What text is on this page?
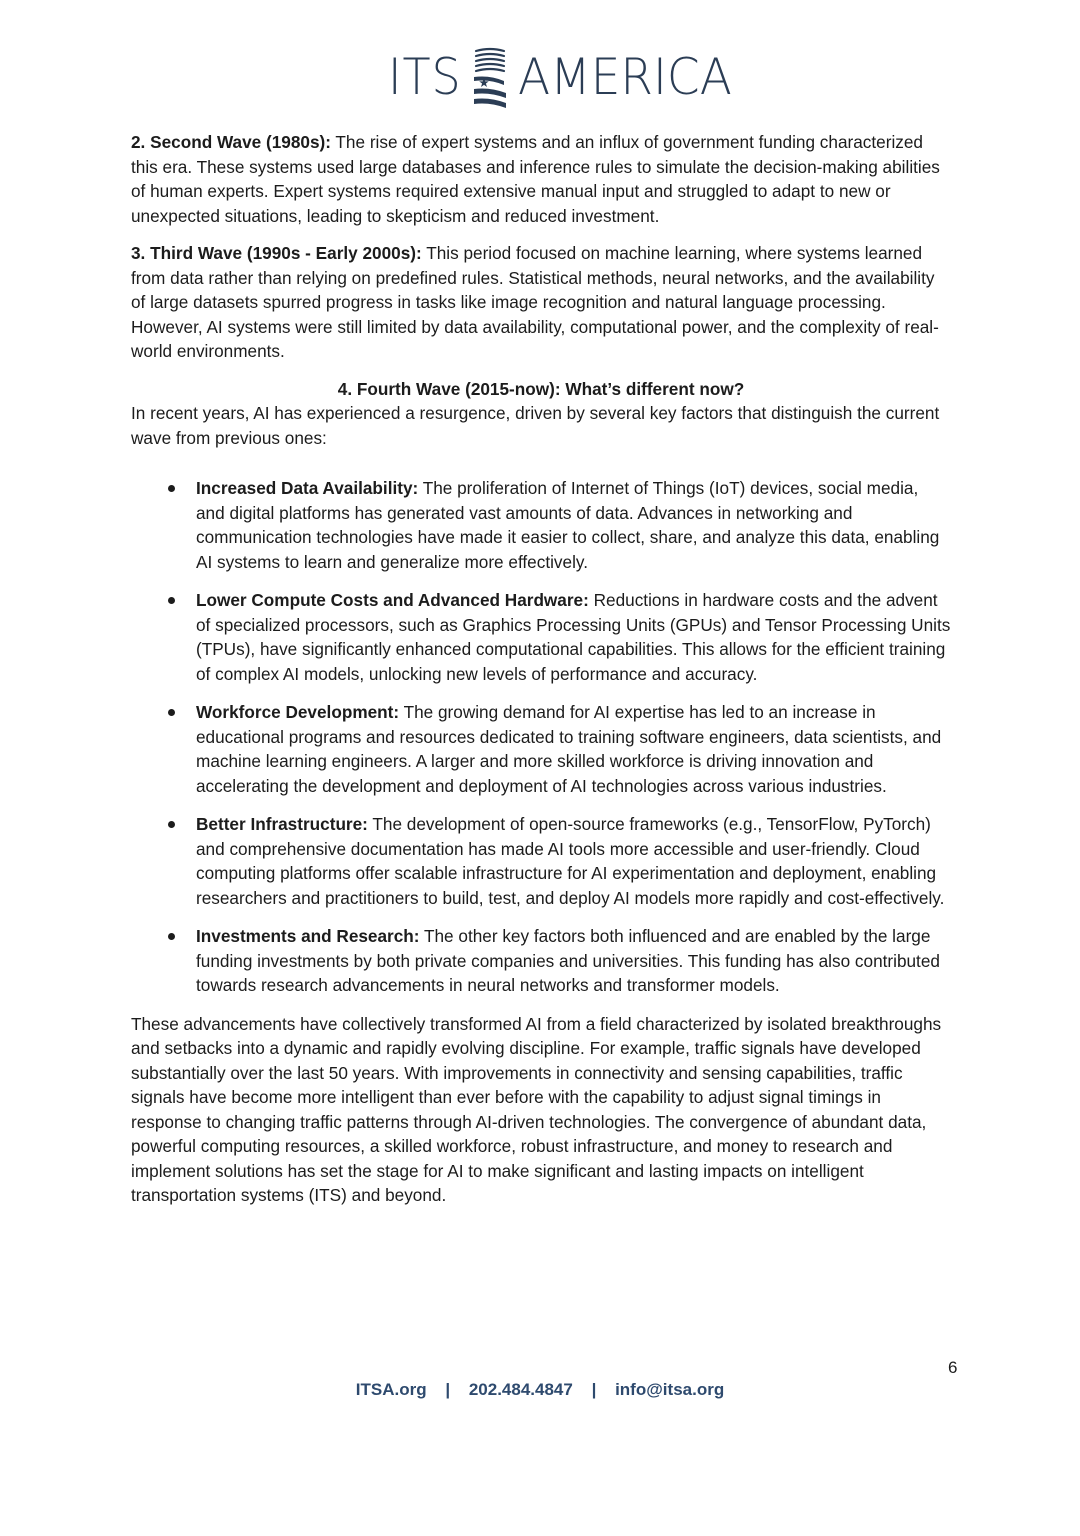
ITS AMERICA

2. Second Wave (1980s): The rise of expert systems and an influx of government funding characterized this era. These systems used large databases and inference rules to simulate the decision-making abilities of human experts. Expert systems required extensive manual input and struggled to adapt to new or unexpected situations, leading to skepticism and reduced investment.

3. Third Wave (1990s - Early 2000s): This period focused on machine learning, where systems learned from data rather than relying on predefined rules. Statistical methods, neural networks, and the availability of large datasets spurred progress in tasks like image recognition and natural language processing. However, AI systems were still limited by data availability, computational power, and the complexity of real-world environments.

4. Fourth Wave (2015-now): What’s different now?

In recent years, AI has experienced a resurgence, driven by several key factors that distinguish the current wave from previous ones:

Increased Data Availability: The proliferation of Internet of Things (IoT) devices, social media, and digital platforms has generated vast amounts of data. Advances in networking and communication technologies have made it easier to collect, share, and analyze this data, enabling AI systems to learn and generalize more effectively.
Lower Compute Costs and Advanced Hardware: Reductions in hardware costs and the advent of specialized processors, such as Graphics Processing Units (GPUs) and Tensor Processing Units (TPUs), have significantly enhanced computational capabilities. This allows for the efficient training of complex AI models, unlocking new levels of performance and accuracy.
Workforce Development: The growing demand for AI expertise has led to an increase in educational programs and resources dedicated to training software engineers, data scientists, and machine learning engineers. A larger and more skilled workforce is driving innovation and accelerating the development and deployment of AI technologies across various industries.
Better Infrastructure: The development of open-source frameworks (e.g., TensorFlow, PyTorch) and comprehensive documentation has made AI tools more accessible and user-friendly. Cloud computing platforms offer scalable infrastructure for AI experimentation and deployment, enabling researchers and practitioners to build, test, and deploy AI models more rapidly and cost-effectively.
Investments and Research: The other key factors both influenced and are enabled by the large funding investments by both private companies and universities. This funding has also contributed towards research advancements in neural networks and transformer models.

These advancements have collectively transformed AI from a field characterized by isolated breakthroughs and setbacks into a dynamic and rapidly evolving discipline. For example, traffic signals have developed substantially over the last 50 years. With improvements in connectivity and sensing capabilities, traffic signals have become more intelligent than ever before with the capability to adjust signal timings in response to changing traffic patterns through AI-driven technologies. The convergence of abundant data, powerful computing resources, a skilled workforce, robust infrastructure, and money to research and implement solutions has set the stage for AI to make significant and lasting impacts on intelligent transportation systems (ITS) and beyond.

6
ITSA.org | 202.484.4847 | info@itsa.org
